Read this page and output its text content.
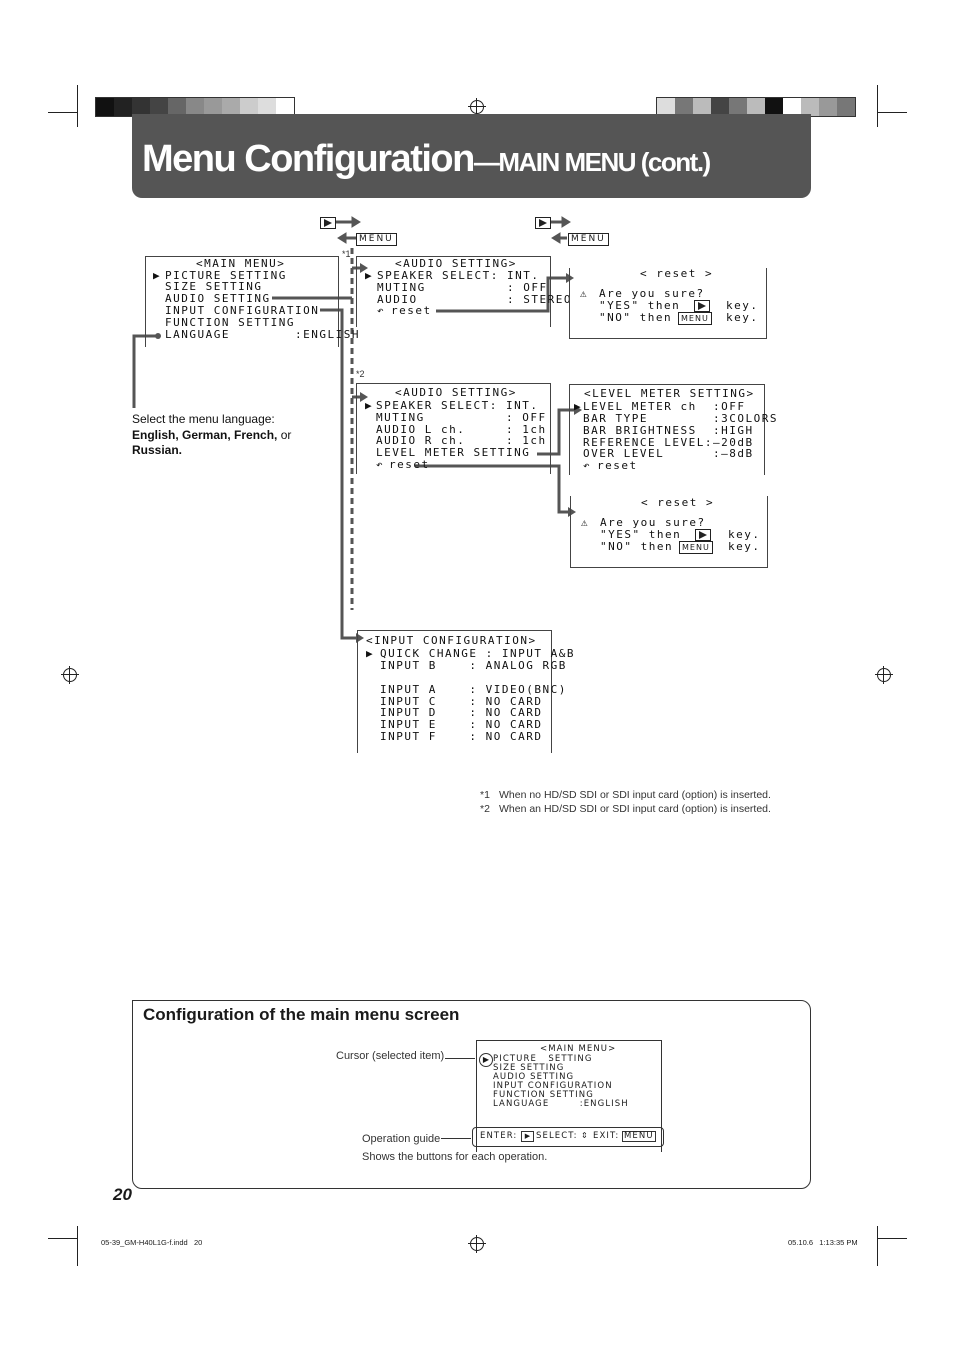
Menu Configuration—MAIN MENU (cont.)
MENU	MENU
*1
*2
<MAIN MENU>
▶ PICTURE SETTING
SIZE SETTING
AUDIO SETTING
INPUT CONFIGURATION
FUNCTION SETTING
LANGUAGE        :ENGLISH
<AUDIO SETTING>
▶ SPEAKER SELECT: INT.
MUTING          : OFF
AUDIO           : STEREO
↶ reset
< reset >
⚠ Are you sure?
"YES" then	key.
"NO" then	MENU key.
<AUDIO SETTING>
▶ SPEAKER SELECT: INT.
MUTING          : OFF
AUDIO L ch.     : 1ch
AUDIO R ch.     : 1ch
LEVEL METER SETTING
↶ reset
<LEVEL METER SETTING>
▶ LEVEL METER ch  :OFF
BAR TYPE        :3COLORS
BAR BRIGHTNESS  :HIGH
REFERENCE LEVEL:–20dB
OVER LEVEL      :–8dB
↶ reset
< reset >
⚠ Are you sure?
"YES" then	key.
"NO" then	MENU key.
<INPUT CONFIGURATION>
▶ QUICK CHANGE : INPUT A&B
INPUT B    : ANALOG RGB
INPUT A    : VIDEO(BNC)
INPUT C    : NO CARD
INPUT D    : NO CARD
INPUT E    : NO CARD
INPUT F    : NO CARD
Select the menu language:
English, German, French, or
Russian.
*1 When no HD/SD SDI or SDI input card (option) is inserted.
*2 When an HD/SD SDI or SDI input card (option) is inserted.
Configuration of the main menu screen
Cursor (selected item)
<MAIN MENU>
▶ PICTURE   SETTING
SIZE SETTING
AUDIO SETTING
INPUT CONFIGURATION
FUNCTION SETTING
LANGUAGE        :ENGLISH
Operation guide	ENTER:	▶ SELECT: ⇕ EXIT: MENU
Shows the buttons for each operation.
20
05-39_GM-H40L1G-f.indd   20	05.10.6   1:13:35 PM
